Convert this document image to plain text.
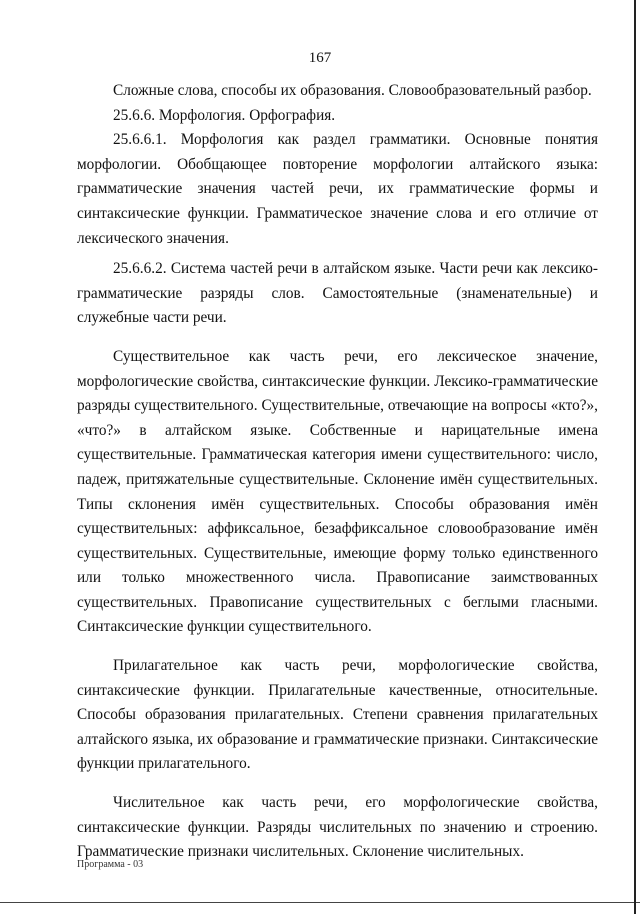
167

Сложные слова, способы их образования. Словообразовательный разбор.

25.6.6. Морфология. Орфография.

25.6.6.1. Морфология как раздел грамматики. Основные понятия морфологии. Обобщающее повторение морфологии алтайского языка: грамматические значения частей речи, их грамматические формы и синтаксические функции. Грамматическое значение слова и его отличие от лексического значения.

25.6.6.2. Система частей речи в алтайском языке. Части речи как лексико-грамматические разряды слов. Самостоятельные (знаменательные) и служебные части речи.

Существительное как часть речи, его лексическое значение, морфологические свойства, синтаксические функции. Лексико-грамматические разряды существительного. Существительные, отвечающие на вопросы «кто?», «что?» в алтайском языке. Собственные и нарицательные имена существительные. Грамматическая категория имени существительного: число, падеж, притяжательные существительные. Склонение имён существительных. Типы склонения имён существительных. Способы образования имён существительных: аффиксальное, безаффиксальное словообразование имён существительных. Существительные, имеющие форму только единственного или только множественного числа. Правописание заимствованных существительных. Правописание существительных с беглыми гласными. Синтаксические функции существительного.

Прилагательное как часть речи, морфологические свойства, синтаксические функции. Прилагательные качественные, относительные. Способы образования прилагательных. Степени сравнения прилагательных алтайского языка, их образование и грамматические признаки. Синтаксические функции прилагательного.

Числительное как часть речи, его морфологические свойства, синтаксические функции. Разряды числительных по значению и строению. Грамматические признаки числительных. Склонение числительных.

Программа - 03
